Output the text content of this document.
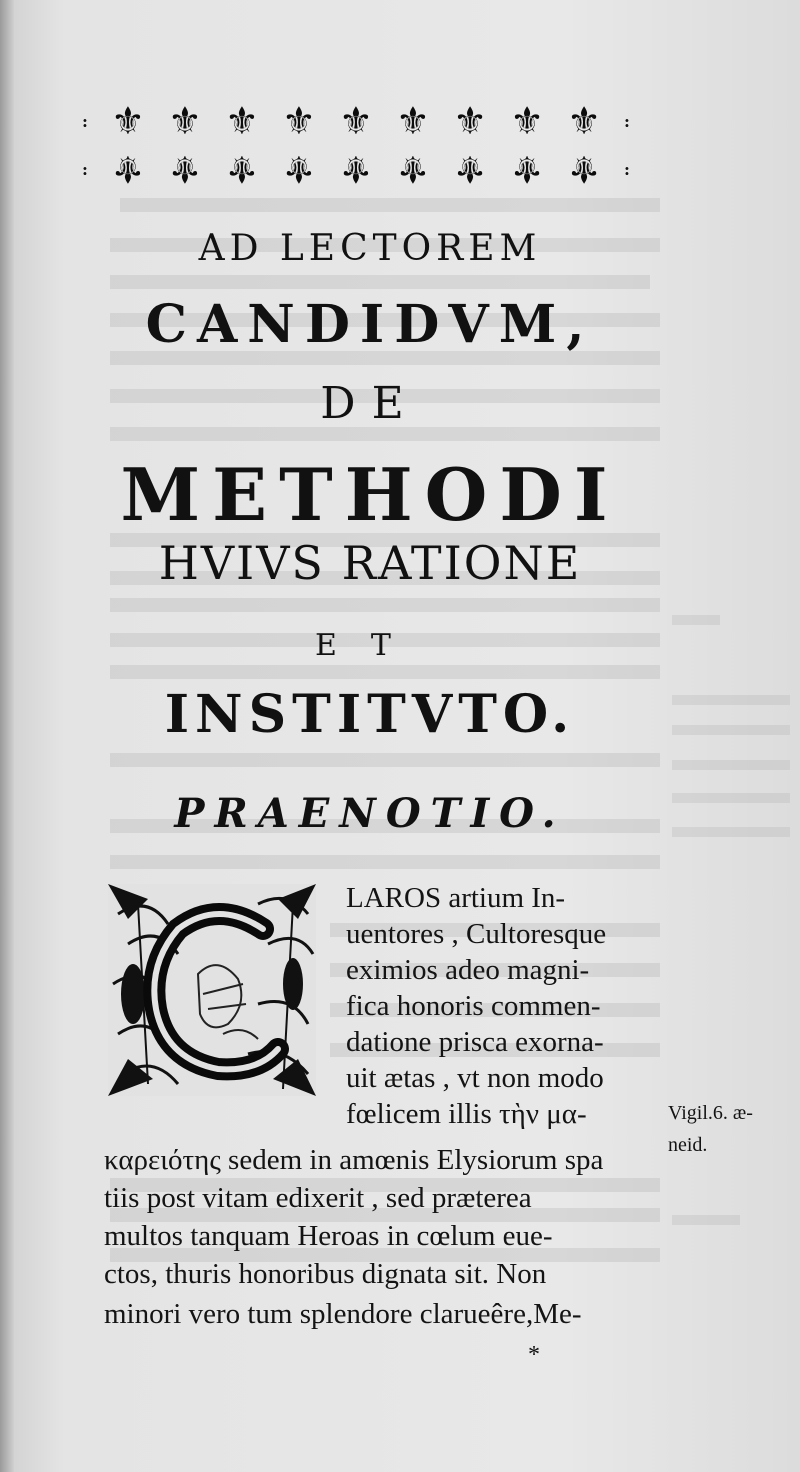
: ⚜ ⚜ ⚜ ⚜ ⚜ ⚜ ⚜ ⚜ ⚜ :
: ⚜ ⚜ ⚜ ⚜ ⚜ ⚜ ⚜ ⚜ ⚜ :
AD LECTOREM
CANDIDVM,
DE
METHODI
HVIVS RATIONE
ET
INSTITVTO.
PRAENOTIO.
LAROS artium In-
uentores , Cultoresque
eximios adeo magni-
fica honoris commen-
datione prisca exorna-
uit ætas , vt non modo
fœlicem illis τὴν μα-
καρειότης sedem in amœnis Elysiorum spa
tiis post vitam edixerit , sed præterea
multos tanquam Heroas in cœlum eue-
ctos, thuris honoribus dignata sit. Non
minori vero tum splendore clarueêre,Me-
Vigil.6. æ-
neid.
*
